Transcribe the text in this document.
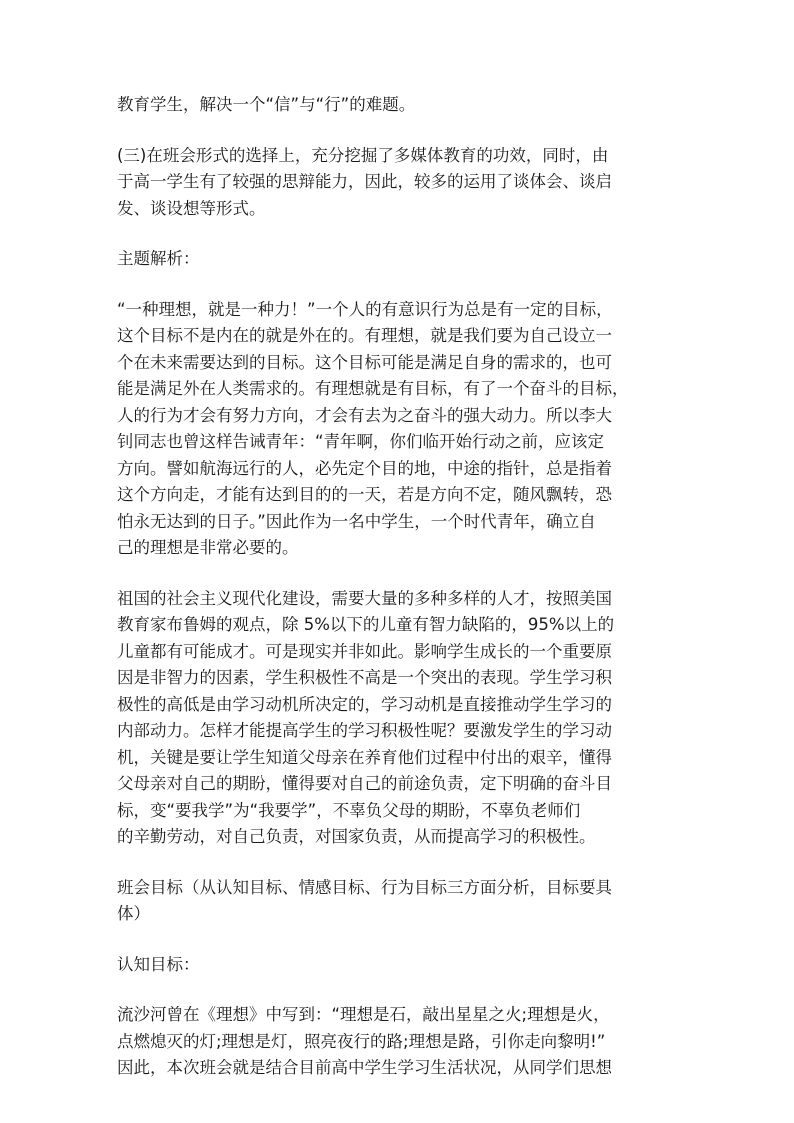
教育学生，解决一个“信”与“行”的难题。

(三)在班会形式的选择上，充分挖掘了多媒体教育的功效，同时，由
于高一学生有了较强的思辩能力，因此，较多的运用了谈体会、谈启
发、谈设想等形式。

主题解析：

“一种理想，就是一种力！”一个人的有意识行为总是有一定的目标，
这个目标不是内在的就是外在的。有理想，就是我们要为自己设立一
个在未来需要达到的目标。这个目标可能是满足自身的需求的，也可
能是满足外在人类需求的。有理想就是有目标，有了一个奋斗的目标，
人的行为才会有努力方向，才会有去为之奋斗的强大动力。所以李大
钊同志也曾这样告诫青年：“青年啊，你们临开始行动之前，应该定
方向。譬如航海远行的人，必先定个目的地，中途的指针，总是指着
这个方向走，才能有达到目的的一天，若是方向不定，随风飘转，恐
怕永无达到的日子。”因此作为一名中学生，一个时代青年，确立自
己的理想是非常必要的。

祖国的社会主义现代化建设，需要大量的多种多样的人才，按照美国
教育家布鲁姆的观点，除 5%以下的儿童有智力缺陷的，95%以上的
儿童都有可能成才。可是现实并非如此。影响学生成长的一个重要原
因是非智力的因素，学生积极性不高是一个突出的表现。学生学习积
极性的高低是由学习动机所决定的，学习动机是直接推动学生学习的
内部动力。怎样才能提高学生的学习积极性呢？要激发学生的学习动
机，关键是要让学生知道父母亲在养育他们过程中付出的艰辛，懂得
父母亲对自己的期盼，懂得要对自己的前途负责，定下明确的奋斗目
标，变“要我学”为“我要学”，不辜负父母的期盼，不辜负老师们
的辛勤劳动，对自己负责，对国家负责，从而提高学习的积极性。

班会目标（从认知目标、情感目标、行为目标三方面分析，目标要具
体）

认知目标：

流沙河曾在《理想》中写到：“理想是石，敲出星星之火;理想是火，
点燃熄灭的灯;理想是灯，照亮夜行的路;理想是路，引你走向黎明!”
因此，本次班会就是结合目前高中学生学习生活状况，从同学们思想
